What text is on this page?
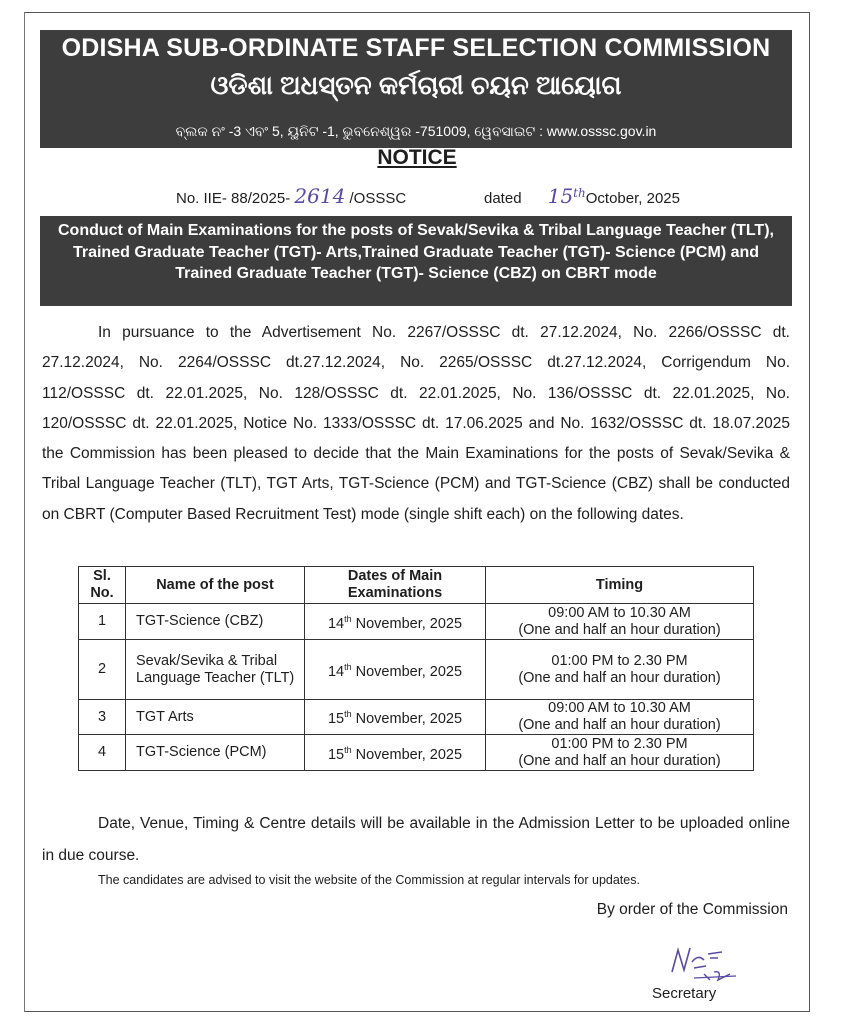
ODISHA SUB-ORDINATE STAFF SELECTION COMMISSION
ଓଡିଶା ଅଧସ୍ତନ କର୍ମଚାରୀ ଚୟନ ଆୟୋଗ
ବ୍ଲକ ନଂ -3 ଏବଂ 5, ୟୁନିଟ -1, ଭୁବନେଶ୍ୱର -751009, ୱେବସାଇଟ : www.osssc.gov.in
NOTICE
No. IIE- 88/2025- 2614 /OSSSC	dated 15thOctober, 2025
Conduct of Main Examinations for the posts of Sevak/Sevika & Tribal Language Teacher (TLT), Trained Graduate Teacher (TGT)- Arts,Trained Graduate Teacher (TGT)- Science (PCM) and Trained Graduate Teacher (TGT)- Science (CBZ) on CBRT mode
In pursuance to the Advertisement No. 2267/OSSSC dt. 27.12.2024, No. 2266/OSSSC dt. 27.12.2024, No. 2264/OSSSC dt.27.12.2024, No. 2265/OSSSC dt.27.12.2024, Corrigendum No. 112/OSSSC dt. 22.01.2025, No. 128/OSSSC dt. 22.01.2025, No. 136/OSSSC dt. 22.01.2025, No. 120/OSSSC dt. 22.01.2025, Notice No. 1333/OSSSC dt. 17.06.2025 and No. 1632/OSSSC dt. 18.07.2025 the Commission has been pleased to decide that the Main Examinations for the posts of Sevak/Sevika & Tribal Language Teacher (TLT), TGT Arts, TGT-Science (PCM) and TGT-Science (CBZ) shall be conducted on CBRT (Computer Based Recruitment Test) mode (single shift each) on the following dates.
Sl. No.	Name of the post	Dates of Main Examinations	Timing
1	TGT-Science (CBZ)	14th November, 2025	09:00 AM to 10.30 AM
(One and half an hour duration)

2	Sevak/Sevika & Tribal Language Teacher (TLT)	14th November, 2025	01:00 PM to 2.30 PM
(One and half an hour duration)

3	TGT Arts	15th November, 2025	09:00 AM to 10.30 AM
(One and half an hour duration)

4	TGT-Science (PCM)	15th November, 2025	01:00 PM to 2.30 PM
(One and half an hour duration)
Date, Venue, Timing & Centre details will be available in the Admission Letter to be uploaded online in due course.
The candidates are advised to visit the website of the Commission at regular intervals for updates.
By order of the Commission
Secretary
